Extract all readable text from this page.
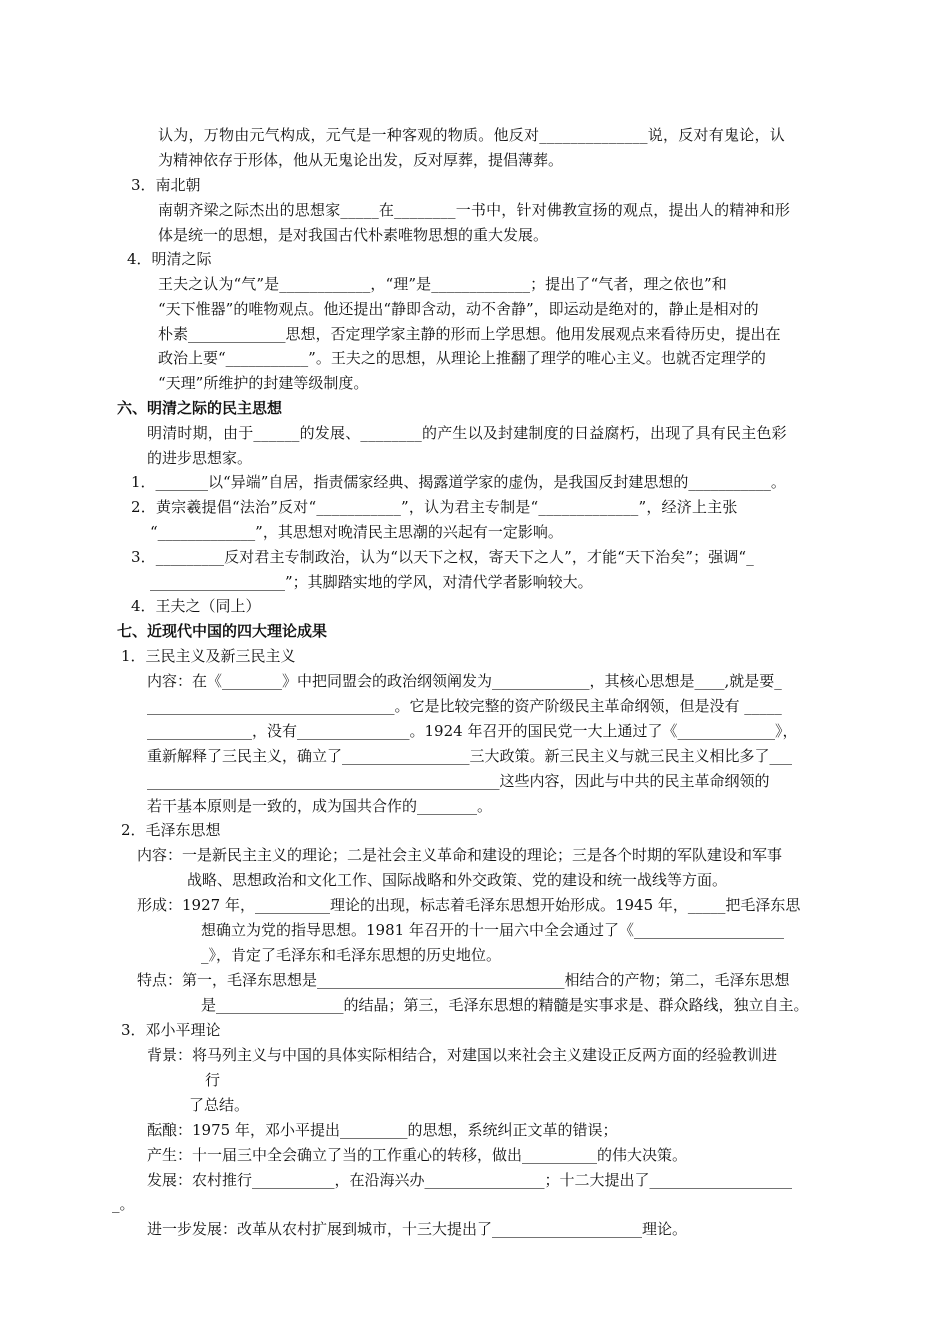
认为，万物由元气构成，元气是一种客观的物质。他反对______________说，反对有鬼论，认
为精神依存于形体，他从无鬼论出发，反对厚葬，提倡薄葬。
3．南北朝
南朝齐梁之际杰出的思想家_____在________一书中，针对佛教宣扬的观点，提出人的精神和形
体是统一的思想，是对我国古代朴素唯物思想的重大发展。
4．明清之际
王夫之认为“气”是____________，“理”是_____________；提出了“气者，理之依也”和
“天下惟器”的唯物观点。他还提出“静即含动，动不舍静”，即运动是绝对的，静止是相对的
朴素_____________思想，否定理学家主静的形而上学思想。他用发展观点来看待历史，提出在
政治上要“___________”。王夫之的思想，从理论上推翻了理学的唯心主义。也就否定理学的
“天理”所维护的封建等级制度。
六、明清之际的民主思想
明清时期，由于______的发展、________的产生以及封建制度的日益腐朽，出现了具有民主色彩
的进步思想家。
1．_______以“异端”自居，指责儒家经典、揭露道学家的虚伪，是我国反封建思想的___________。
2．黄宗羲提倡“法治”反对“___________”，认为君主专制是“_____________”，经济上主张
“_____________”，其思想对晚清民主思潮的兴起有一定影响。
3．_________反对君主专制政治，认为“以天下之权，寄天下之人”，才能“天下治矣”；强调“_
__________________”；其脚踏实地的学风，对清代学者影响较大。
4．王夫之（同上）
七、近现代中国的四大理论成果
1．三民主义及新三民主义
内容：在《________》中把同盟会的政治纲领阐发为_____________，其核心思想是____,就是要_
_________________________________。它是比较完整的资产阶级民主革命纲领，但是没有 _____
______________，没有_______________。1924 年召开的国民党一大上通过了《_____________》，
重新解释了三民主义，确立了_________________三大政策。新三民主义与就三民主义相比多了___
_______________________________________________这些内容，因此与中共的民主革命纲领的
若干基本原则是一致的，成为国共合作的________。
2．毛泽东思想
内容：一是新民主主义的理论；二是社会主义革命和建设的理论；三是各个时期的军队建设和军事
战略、思想政治和文化工作、国际战略和外交政策、党的建设和统一战线等方面。
形成：1927 年，__________理论的出现，标志着毛泽东思想开始形成。1945 年，_____把毛泽东思
想确立为党的指导思想。1981 年召开的十一届六中全会通过了《____________________
_》，肯定了毛泽东和毛泽东思想的历史地位。
特点：第一，毛泽东思想是_________________________________相结合的产物；第二，毛泽东思想
是_________________的结晶；第三，毛泽东思想的精髓是实事求是、群众路线，独立自主。
3．邓小平理论
背景：将马列主义与中国的具体实际相结合，对建国以来社会主义建设正反两方面的经验教训进
行
了总结。
酝酿：1975 年，邓小平提出_________的思想，系统纠正文革的错误；
产生：十一届三中全会确立了当的工作重心的转移，做出__________的伟大决策。
发展：农村推行___________，在沿海兴办________________；十二大提出了___________________
_。
进一步发展：改革从农村扩展到城市，十三大提出了____________________理论。
